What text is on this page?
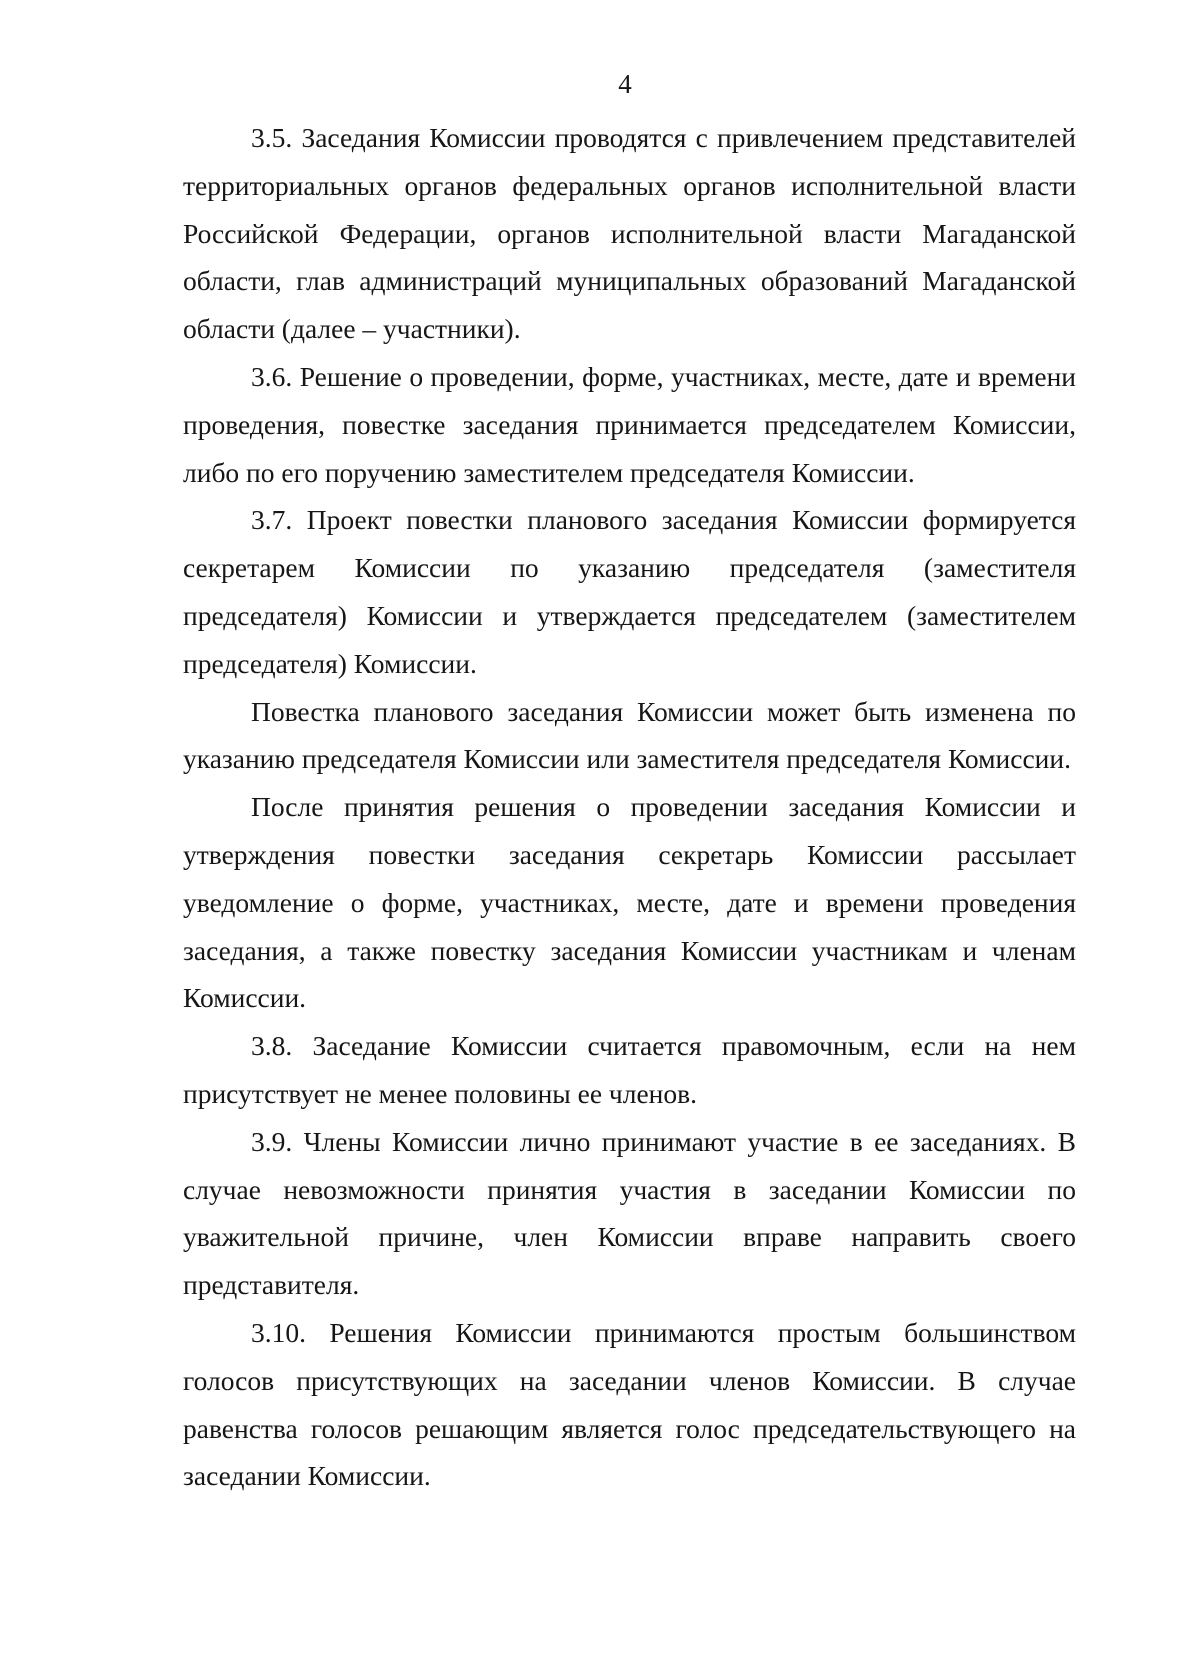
4

3.5. Заседания Комиссии проводятся с привлечением представителей территориальных органов федеральных органов исполнительной власти Российской Федерации, органов исполнительной власти Магаданской области, глав администраций муниципальных образований Магаданской области (далее – участники).

3.6. Решение о проведении, форме, участниках, месте, дате и времени проведения, повестке заседания принимается председателем Комиссии, либо по его поручению заместителем председателя Комиссии.

3.7. Проект повестки планового заседания Комиссии формируется секретарем Комиссии по указанию председателя (заместителя председателя) Комиссии и утверждается председателем (заместителем председателя) Комиссии.

Повестка планового заседания Комиссии может быть изменена по указанию председателя Комиссии или заместителя председателя Комиссии.

После принятия решения о проведении заседания Комиссии и утверждения повестки заседания секретарь Комиссии рассылает уведомление о форме, участниках, месте, дате и времени проведения заседания, а также повестку заседания Комиссии участникам и членам Комиссии.

3.8. Заседание Комиссии считается правомочным, если на нем присутствует не менее половины ее членов.

3.9. Члены Комиссии лично принимают участие в ее заседаниях. В случае невозможности принятия участия в заседании Комиссии по уважительной причине, член Комиссии вправе направить своего представителя.

3.10. Решения Комиссии принимаются простым большинством голосов присутствующих на заседании членов Комиссии. В случае равенства голосов решающим является голос председательствующего на заседании Комиссии.
